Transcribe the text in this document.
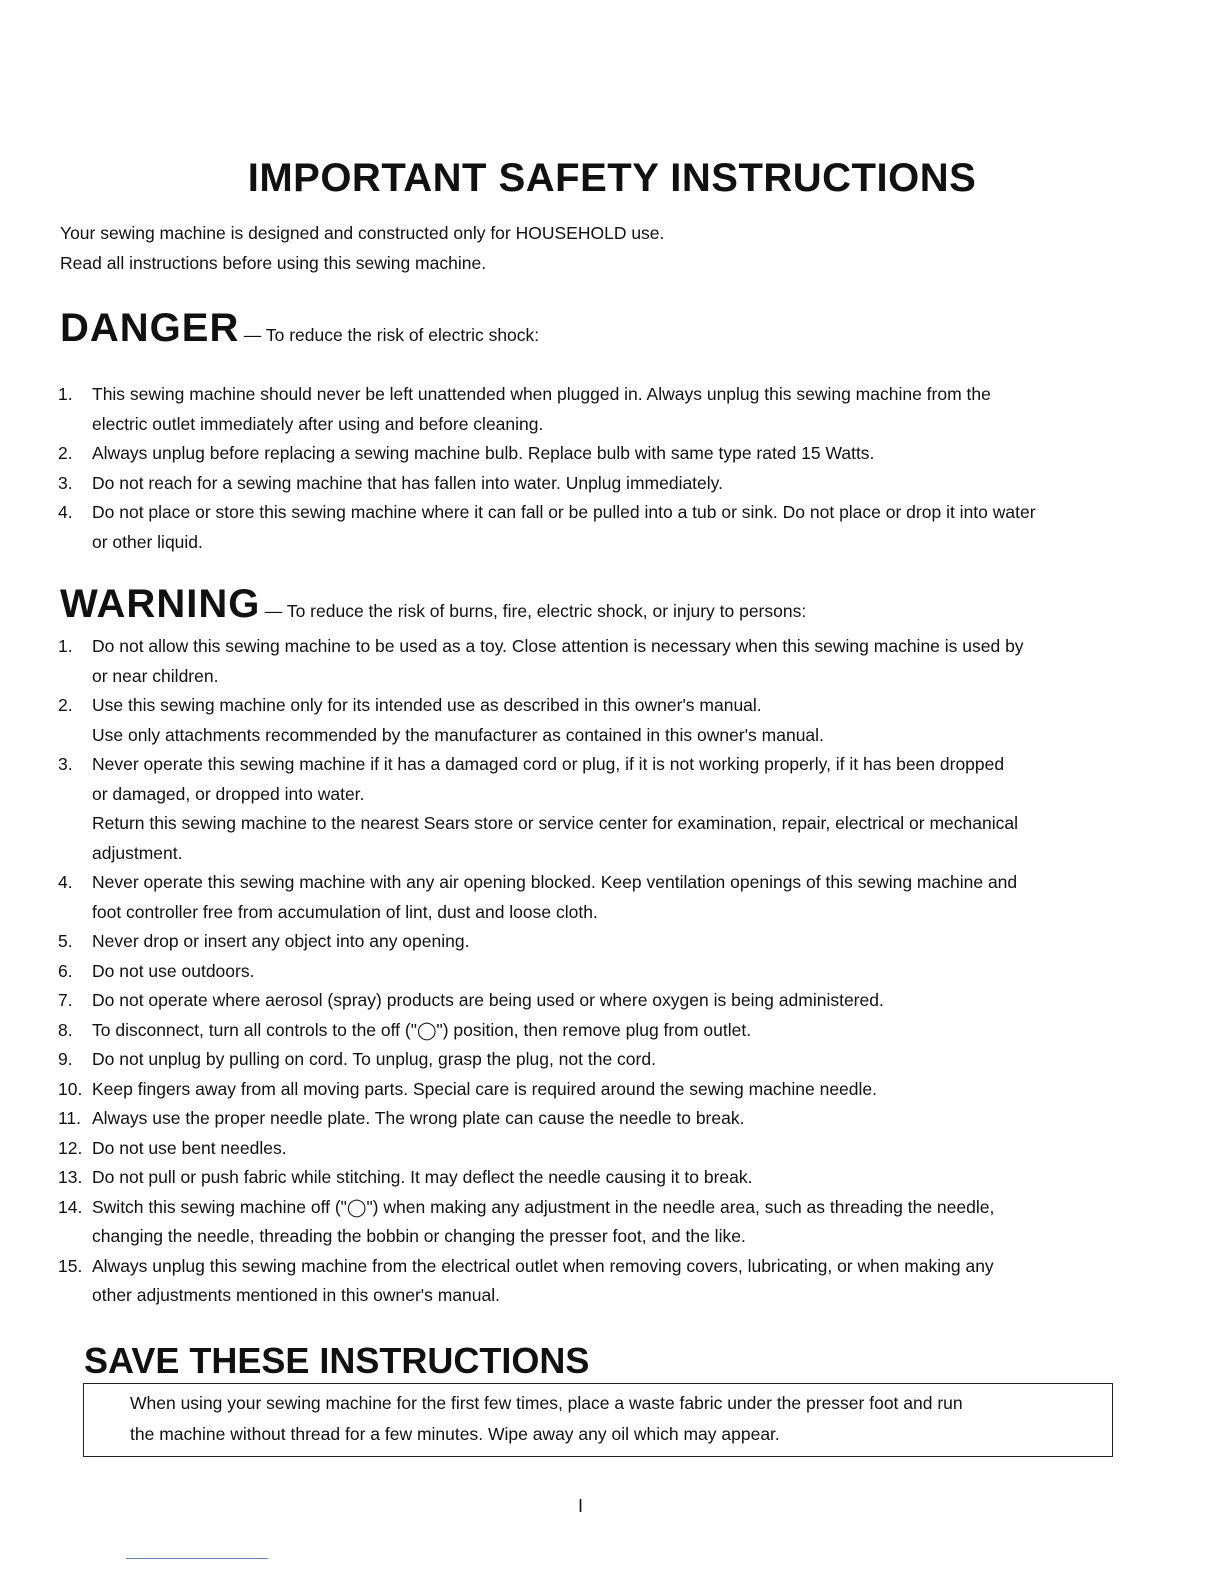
IMPORTANT SAFETY INSTRUCTIONS
Your sewing machine is designed and constructed only for HOUSEHOLD use.
Read all instructions before using this sewing machine.
DANGER — To reduce the risk of electric shock:
1. This sewing machine should never be left unattended when plugged in. Always unplug this sewing machine from the
electric outlet immediately after using and before cleaning.
2. Always unplug before replacing a sewing machine bulb. Replace bulb with same type rated 15 Watts.
3. Do not reach for a sewing machine that has fallen into water. Unplug immediately.
4. Do not place or store this sewing machine where it can fall or be pulled into a tub or sink. Do not place or drop it into water
or other liquid.
WARNING — To reduce the risk of burns, fire, electric shock, or injury to persons:
1. Do not allow this sewing machine to be used as a toy. Close attention is necessary when this sewing machine is used by
or near children.
2. Use this sewing machine only for its intended use as described in this owner's manual.
Use only attachments recommended by the manufacturer as contained in this owner's manual.
3. Never operate this sewing machine if it has a damaged cord or plug, if it is not working properly, if it has been dropped
or damaged, or dropped into water.
Return this sewing machine to the nearest Sears store or service center for examination, repair, electrical or mechanical
adjustment.
4. Never operate this sewing machine with any air opening blocked. Keep ventilation openings of this sewing machine and
foot controller free from accumulation of lint, dust and loose cloth.
5. Never drop or insert any object into any opening.
6. Do not use outdoors.
7. Do not operate where aerosol (spray) products are being used or where oxygen is being administered.
8. To disconnect, turn all controls to the off ("◯") position, then remove plug from outlet.
9. Do not unplug by pulling on cord. To unplug, grasp the plug, not the cord.
10. Keep fingers away from all moving parts. Special care is required around the sewing machine needle.
11. Always use the proper needle plate. The wrong plate can cause the needle to break.
12. Do not use bent needles.
13. Do not pull or push fabric while stitching. It may deflect the needle causing it to break.
14. Switch this sewing machine off ("◯") when making any adjustment in the needle area, such as threading the needle,
changing the needle, threading the bobbin or changing the presser foot, and the like.
15. Always unplug this sewing machine from the electrical outlet when removing covers, lubricating, or when making any
other adjustments mentioned in this owner's manual.
SAVE THESE INSTRUCTIONS
When using your sewing machine for the first few times, place a waste fabric under the presser foot and run
the machine without thread for a few minutes. Wipe away any oil which may appear.
I
